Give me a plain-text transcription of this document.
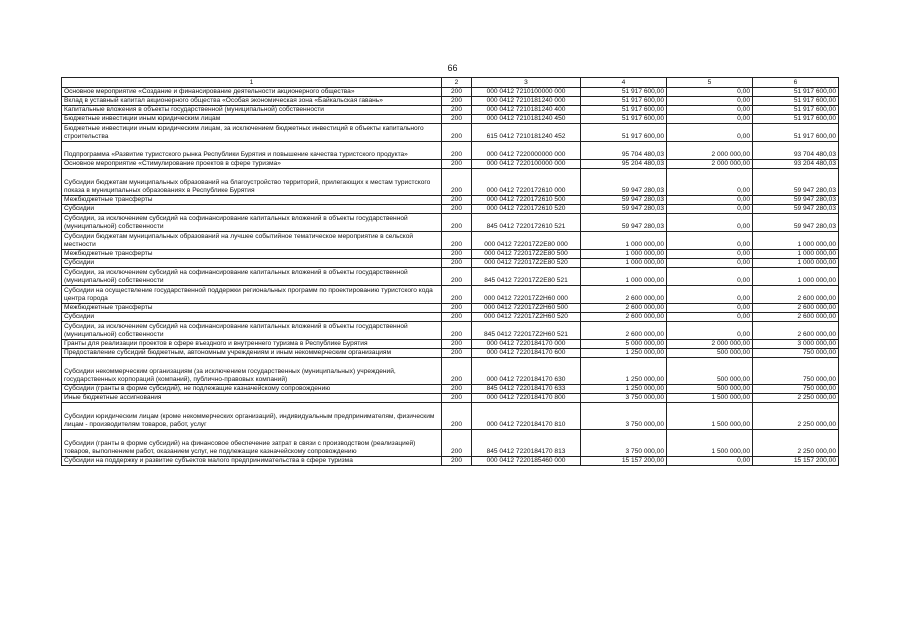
66
1	2	3	4	5	6
Основное мероприятие «Создание и финансирование деятельности акционерного общества»	200	000 0412 7210100000 000	51 917 600,00	0,00	51 917 600,00
Вклад в уставный капитал акционерного общества «Особая экономическая зона «Байкальская гавань»	200	000 0412 7210181240 000	51 917 600,00	0,00	51 917 600,00
Капитальные вложения в объекты государственной (муниципальной) собственности	200	000 0412 7210181240 400	51 917 600,00	0,00	51 917 600,00
Бюджетные инвестиции иным юридическим лицам	200	000 0412 7210181240 450	51 917 600,00	0,00	51 917 600,00
Бюджетные инвестиции иным юридическим лицам, за исключением бюджетных инвестиций в объекты капитального строительства	200	615 0412 7210181240 452	51 917 600,00	0,00	51 917 600,00
Подпрограмма «Развитие туристского рынка Республики Бурятия и повышение качества туристского продукта»	200	000 0412 7220000000 000	95 704 480,03	2 000 000,00	93 704 480,03
Основное мероприятие «Стимулирование проектов в сфере туризма»	200	000 0412 7220100000 000	95 204 480,03	2 000 000,00	93 204 480,03
Субсидии бюджетам муниципальных образований на благоустройство территорий, прилегающих к местам туристского показа в муниципальных образованиях в Республике Бурятия	200	000 0412 7220172610 000	59 947 280,03	0,00	59 947 280,03
Межбюджетные трансферты	200	000 0412 7220172610 500	59 947 280,03	0,00	59 947 280,03
Субсидии	200	000 0412 7220172610 520	59 947 280,03	0,00	59 947 280,03
Субсидии, за исключением субсидий на софинансирование капитальных вложений в объекты государственной (муниципальной) собственности	200	845 0412 7220172610 521	59 947 280,03	0,00	59 947 280,03
Субсидии бюджетам муниципальных образований на лучшее событийное тематическое мероприятие в сельской местности	200	000 0412 722017Z2E80 000	1 000 000,00	0,00	1 000 000,00
Межбюджетные трансферты	200	000 0412 722017Z2E80 500	1 000 000,00	0,00	1 000 000,00
Субсидии	200	000 0412 722017Z2E80 520	1 000 000,00	0,00	1 000 000,00
Субсидии, за исключением субсидий на софинансирование капитальных вложений в объекты государственной (муниципальной) собственности	200	845 0412 722017Z2E80 521	1 000 000,00	0,00	1 000 000,00
Субсидии на осуществление государственной поддержки региональных программ по проектированию туристского кода центра города	200	000 0412 722017Z2H60 000	2 600 000,00	0,00	2 600 000,00
Межбюджетные трансферты	200	000 0412 722017Z2H60 500	2 600 000,00	0,00	2 600 000,00
Субсидии	200	000 0412 722017Z2H60 520	2 600 000,00	0,00	2 600 000,00
Субсидии, за исключением субсидий на софинансирование капитальных вложений в объекты государственной (муниципальной) собственности	200	845 0412 722017Z2H60 521	2 600 000,00	0,00	2 600 000,00
Гранты для реализации проектов в сфере въездного и внутреннего туризма в Республике Бурятия	200	000 0412 7220184170 000	5 000 000,00	2 000 000,00	3 000 000,00
Предоставление субсидий бюджетным, автономным учреждениям и иным некоммерческим организациям	200	000 0412 7220184170 600	1 250 000,00	500 000,00	750 000,00
Субсидии некоммерческим организациям (за исключением государственных (муниципальных) учреждений, государственных корпораций (компаний), публично-правовых компаний)	200	000 0412 7220184170 630	1 250 000,00	500 000,00	750 000,00
Субсидии (гранты в форме субсидий), не подлежащие казначейскому сопровождению	200	845 0412 7220184170 633	1 250 000,00	500 000,00	750 000,00
Иные бюджетные ассигнования	200	000 0412 7220184170 800	3 750 000,00	1 500 000,00	2 250 000,00
Субсидии юридическим лицам (кроме некоммерческих организаций), индивидуальным предпринимателям, физическим лицам - производителям товаров, работ, услуг	200	000 0412 7220184170 810	3 750 000,00	1 500 000,00	2 250 000,00
Субсидии (гранты в форме субсидий) на финансовое обеспечение затрат в связи с производством (реализацией) товаров, выполнением работ, оказанием услуг, не подлежащие казначейскому сопровождению	200	845 0412 7220184170 813	3 750 000,00	1 500 000,00	2 250 000,00
Субсидии на поддержку и развитие субъектов малого предпринимательства в сфере туризма	200	000 0412 7220185460 000	15 157 200,00	0,00	15 157 200,00
